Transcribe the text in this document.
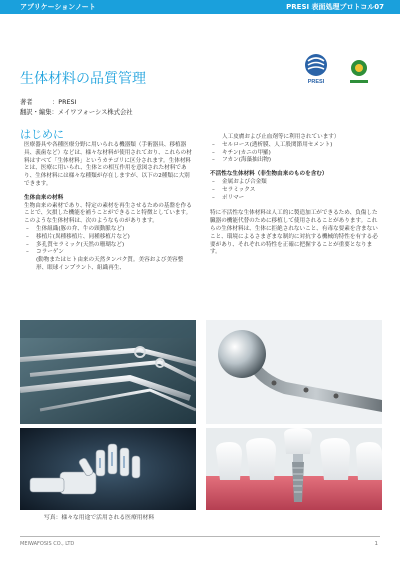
アプリケーションノート	PRESI 表面処理プロトコル07
PRESI
生体材料の品質管理
著者	：PRESI
翻訳・編集：メイワフォーシス株式会社
はじめに

医療器具や各種医療分野に用いられる機器類（手術器具、移植器具、義歯など）などは、様々な材料が使用されており、これらの材料はすべて「生体材料」というカテゴリに区分されます。生体材料とは、医療に用いられ、生体との相互作用を意図された材料であり、生体材料には様々な種類が存在しますが、以下の2種類に大別できます。

生体由来の材料

生物由来の素材であり、特定の素材を再生させるための基盤を作ることで、欠損した機能を補うことができること特徴としています。このような生体材料は、次のようなものがあります。

– 生体組織(豚の弁、牛の頸動脈など)
– 移植片(異種移植片、同種移植片など)
– 多孔質セラミック(天然の珊瑚など)
– コラーゲン

(動物またはヒト由来の天然タンパク質。美容および美容整形、眼球インプラント、組織再生、

人工皮膚および止血剤等に利用されています）

– セルロース(透析膜、人工股関節用セメント)
– キチン(カニの甲羅)
– フカン(海藻抽出物)

不活性な生体材料（非生物由来のものを含む）

– 金属および合金類
– セラミックス
– ポリマー

特に不活性な生体材料は人工的に製造加工ができるため、負傷した臓器の機能代替のために移植して使用されることがあります。これらの生体材料は、生体に拒絶されないこと、有毒な要素を含まないこと、環境によるさまざまな制約に対抗する機械的特性を有する必要があり、それぞれの特性を正確に把握することが重要となります。

写真：様々な用途で活用される医療用材料
MEIWAFOSIS CO., LTD	1
